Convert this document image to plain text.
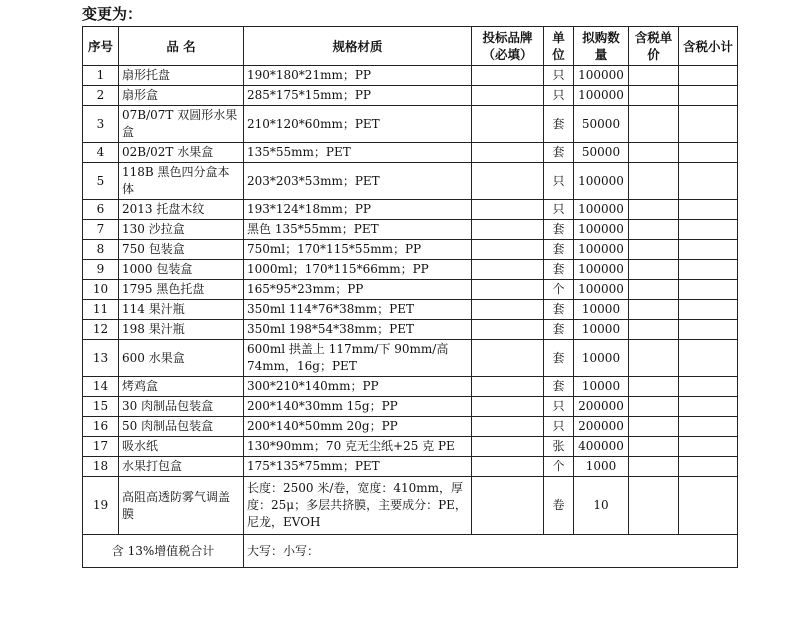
变更为：
序号	品 名	规格材质	投标品牌（必填）	单位	拟购数量	含税单价	含税小计
1	扇形托盘	190*180*21mm；PP		只	100000		
2	扇形盒	285*175*15mm；PP		只	100000		
3	07B/07T 双圆形水果盒	210*120*60mm；PET		套	50000		
4	02B/02T 水果盒	135*55mm；PET		套	50000		
5	118B 黑色四分盒本体	203*203*53mm；PET		只	100000		
6	2013 托盘木纹	193*124*18mm；PP		只	100000		
7	130 沙拉盒	黑色 135*55mm；PET		套	100000		
8	750 包装盒	750ml；170*115*55mm；PP		套	100000		
9	1000 包装盒	1000ml；170*115*66mm；PP		套	100000		
10	1795 黑色托盘	165*95*23mm；PP		个	100000		
11	114 果汁瓶	350ml 114*76*38mm；PET		套	10000		
12	198 果汁瓶	350ml 198*54*38mm；PET		套	10000		
13	600 水果盒	600ml 拱盖上 117mm/下 90mm/高 74mm，16g；PET		套	10000		
14	烤鸡盒	300*210*140mm；PP		套	10000		
15	30 肉制品包装盒	200*140*30mm 15g；PP		只	200000		
16	50 肉制品包装盒	200*140*50mm 20g；PP		只	200000		
17	吸水纸	130*90mm；70 克无尘纸+25 克 PE		张	400000		
18	水果打包盒	175*135*75mm；PET		个	1000		
19	高阻高透防雾气调盖膜	长度：2500 米/卷，宽度：410mm，厚度：25μ；多层共挤膜，主要成分：PE，尼龙，EVOH		卷	10		
含 13%增值税合计		大写：小写：					
